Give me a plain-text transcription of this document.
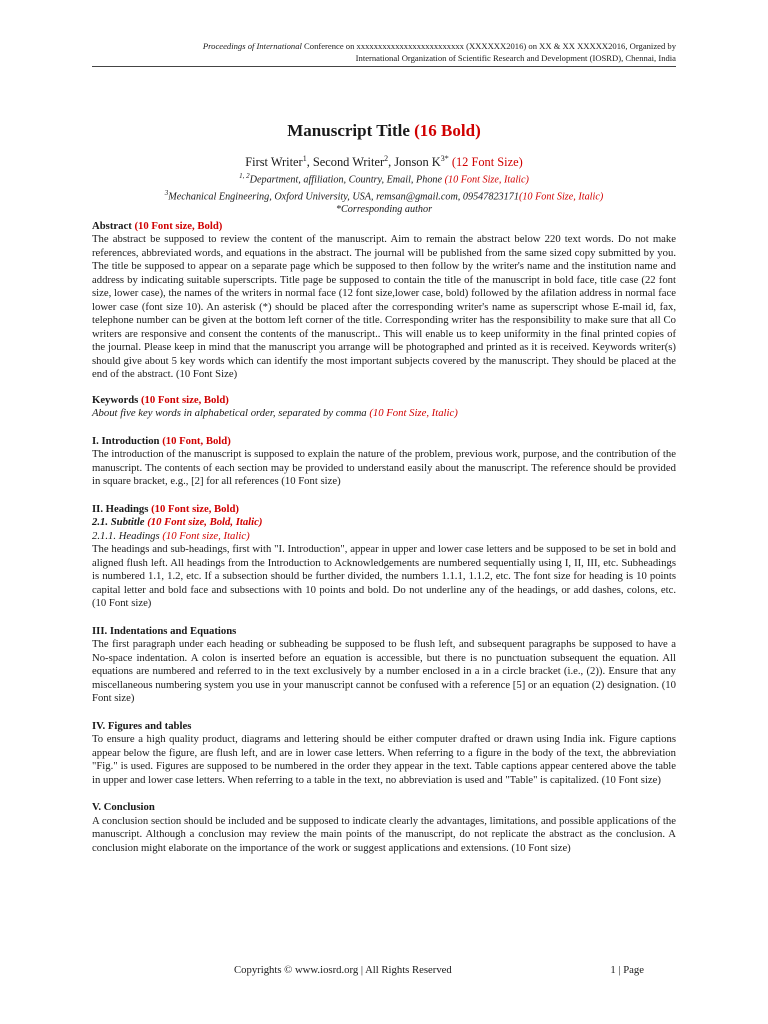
Proceedings of International Conference on xxxxxxxxxxxxxxxxxxxxxxxxx (XXXXXX2016) on XX & XX XXXXX2016, Organized by
International Organization of Scientific Research and Development (IOSRD), Chennai, India
Manuscript Title (16 Bold)
First Writer$^1$, Second Writer$^2$, Jonson $K^{3*}$ (12 Font Size)
$^{1, 2}$Department, affiliation, Country, Email, Phone (10 Font Size, Italic)
$^3$Mechanical Engineering, Oxford University, USA, remsan@gmail.com, 09547823171(10 Font Size, Italic)
*Corresponding author
Abstract (10 Font size, Bold)

The abstract be supposed to review the content of the manuscript. Aim to remain the abstract below 220 text words. Do not make references, abbreviated words, and equations in the abstract. The journal will be published from the same sized copy submitted by you. The title be supposed to appear on a separate page which be supposed to then follow by the writer's name and the institution name and address by indicating suitable superscripts. Title page be supposed to contain the title of the manuscript in bold face, title case (22 font size, lower case), the names of the writers in normal face (12 font size,lower case, bold) followed by the afilation address in normal face lower case (font size 10). An asterisk (*) should be placed after the corresponding writer's name as superscript whose E-mail id, fax, telephone number can be given at the bottom left corner of the title. Corresponding writer has the responsibility to make sure that all Co writers are responsive and consent the contents of the manuscript.. This will enable us to keep uniformity in the final printed copies of the journal. Please keep in mind that the manuscript you arrange will be photographed and printed as it is received. Keywords writer(s) should give about 5 key words which can identify the most important subjects covered by the manuscript. They should be placed at the end of the abstract. (10 Font Size)

Keywords (10 Font size, Bold)
About five key words in alphabetical order, separated by comma (10 Font Size, Italic)
I. Introduction (10 Font, Bold)

The introduction of the manuscript is supposed to explain the nature of the problem, previous work, purpose, and the contribution of the manuscript. The contents of each section may be provided to understand easily about the manuscript. The reference should be provided in square bracket, e.g., [2] for all references (10 Font size)

II. Headings (10 Font size, Bold)
2.1. Subtitle (10 Font size, Bold, Italic)
2.1.1. Headings (10 Font size, Italic)

The headings and sub-headings, first with "I. Introduction", appear in upper and lower case letters and be supposed to be set in bold and aligned flush left. All headings from the Introduction to Acknowledgements are numbered sequentially using I, II, III, etc. Subheadings is numbered 1.1, 1.2, etc. If a subsection should be further divided, the numbers 1.1.1, 1.1.2, etc. The font size for heading is 10 points capital letter and bold face and subsections with 10 points and bold. Do not underline any of the headings, or add dashes, colons, etc. (10 Font size)

III. Indentations and Equations

The first paragraph under each heading or subheading be supposed to be flush left, and subsequent paragraphs be supposed to have a No-space indentation. A colon is inserted before an equation is accessible, but there is no punctuation subsequent the equation. All equations are numbered and referred to in the text exclusively by a number enclosed in a in a circle bracket (i.e., (2)). Ensure that any miscellaneous numbering system you use in your manuscript cannot be confused with a reference [5] or an equation (2) designation. (10 Font size)

IV. Figures and tables

To ensure a high quality product, diagrams and lettering should be either computer drafted or drawn using India ink. Figure captions appear below the figure, are flush left, and are in lower case letters. When referring to a figure in the body of the text, the abbreviation "Fig." is used. Figures are supposed to be numbered in the order they appear in the text. Table captions appear centered above the table in upper and lower case letters. When referring to a table in the text, no abbreviation is used and "Table" is capitalized. (10 Font size)

V. Conclusion

A conclusion section should be included and be supposed to indicate clearly the advantages, limitations, and possible applications of the manuscript. Although a conclusion may review the main points of the manuscript, do not replicate the abstract as the conclusion. A conclusion might elaborate on the importance of the work or suggest applications and extensions. (10 Font size)

Copyrights © www.iosrd.org | All Rights Reserved	1 | Page
